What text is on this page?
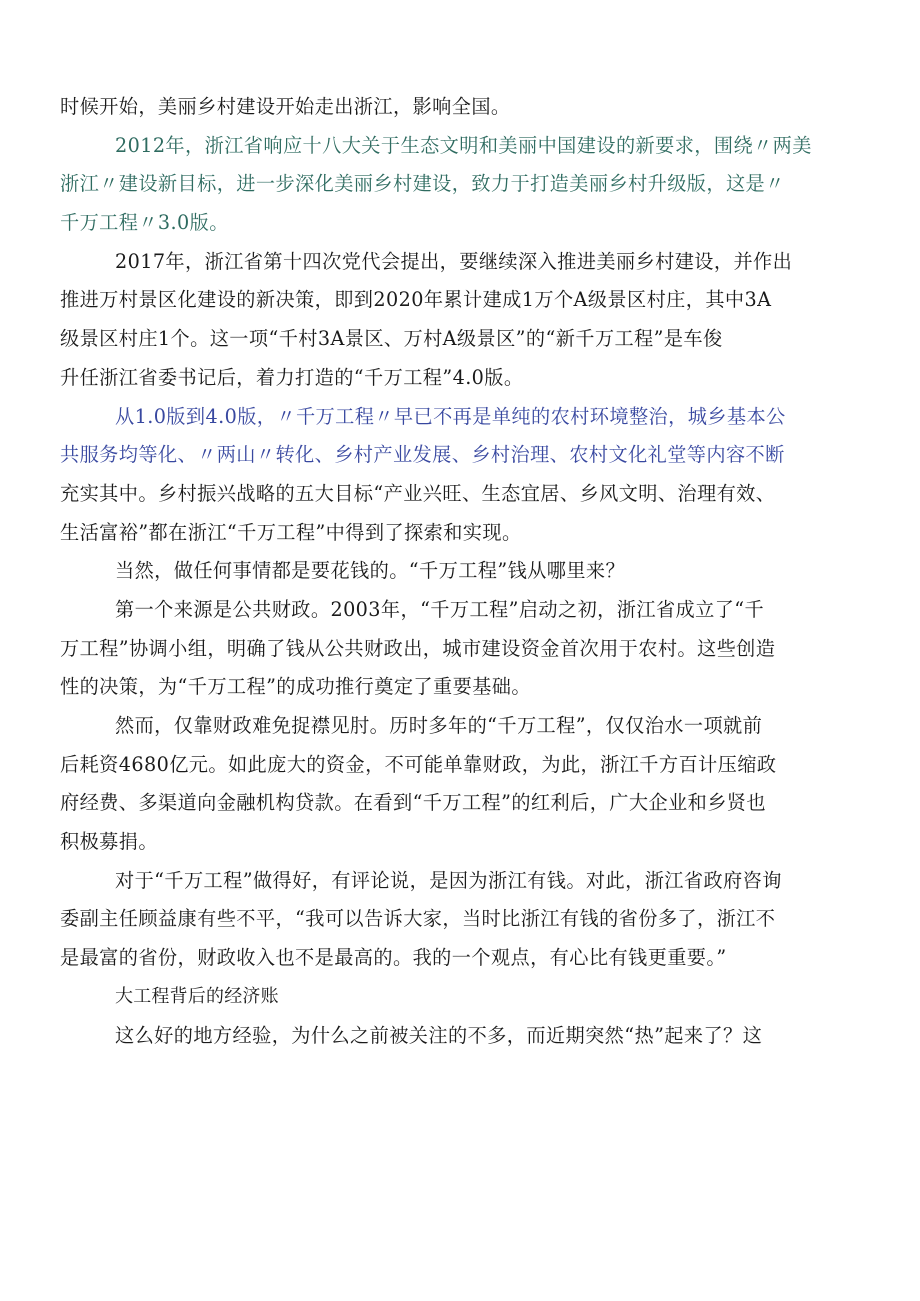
时候开始，美丽乡村建设开始走出浙江，影响全国。
2012年，浙江省响应十八大关于生态文明和美丽中国建设的新要求，围绕〃两美
浙江〃建设新目标，进一步深化美丽乡村建设，致力于打造美丽乡村升级版，这是〃
千万工程〃3.0版。
2017年，浙江省第十四次党代会提出，要继续深入推进美丽乡村建设，并作出
推进万村景区化建设的新决策，即到2020年累计建成1万个A级景区村庄，其中3A
级景区村庄1个。这一项“千村3A景区、万村A级景区”的“新千万工程”是车俊
升任浙江省委书记后，着力打造的“千万工程”4.0版。
从1.0版到4.0版，〃千万工程〃早已不再是单纯的农村环境整治，城乡基本公
共服务均等化、〃两山〃转化、乡村产业发展、乡村治理、农村文化礼堂等内容不断
充实其中。乡村振兴战略的五大目标“产业兴旺、生态宜居、乡风文明、治理有效、
生活富裕”都在浙江“千万工程”中得到了探索和实现。
当然，做任何事情都是要花钱的。“千万工程”钱从哪里来？
第一个来源是公共财政。2003年，“千万工程”启动之初，浙江省成立了“千
万工程”协调小组，明确了钱从公共财政出，城市建设资金首次用于农村。这些创造
性的决策，为“千万工程”的成功推行奠定了重要基础。
然而，仅靠财政难免捉襟见肘。历时多年的“千万工程”，仅仅治水一项就前
后耗资4680亿元。如此庞大的资金，不可能单靠财政，为此，浙江千方百计压缩政
府经费、多渠道向金融机构贷款。在看到“千万工程”的红利后，广大企业和乡贤也
积极募捐。
对于“千万工程”做得好，有评论说，是因为浙江有钱。对此，浙江省政府咨询
委副主任顾益康有些不平，“我可以告诉大家，当时比浙江有钱的省份多了，浙江不
是最富的省份，财政收入也不是最高的。我的一个观点，有心比有钱更重要。”
大工程背后的经济账
这么好的地方经验，为什么之前被关注的不多，而近期突然“热”起来了？这
